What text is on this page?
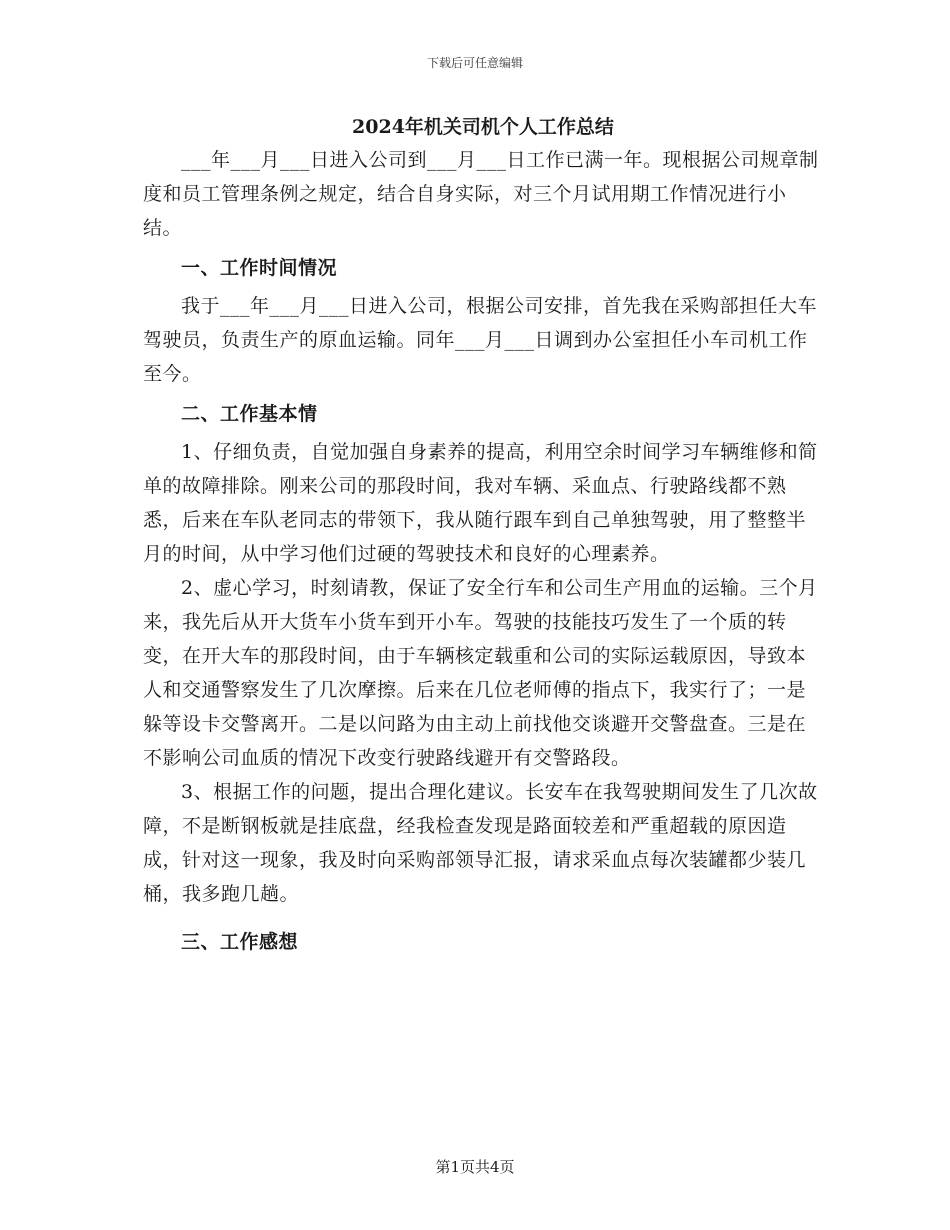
下载后可任意编辑
2024年机关司机个人工作总结

___年___月___日进入公司到___月___日工作已满一年。现根据公司规章制度和员工管理条例之规定，结合自身实际，对三个月试用期工作情况进行小结。

一、工作时间情况

我于___年___月___日进入公司，根据公司安排，首先我在采购部担任大车驾驶员，负责生产的原血运输。同年___月___日调到办公室担任小车司机工作至今。

二、工作基本情

1、仔细负责，自觉加强自身素养的提高，利用空余时间学习车辆维修和简单的故障排除。刚来公司的那段时间，我对车辆、采血点、行驶路线都不熟悉，后来在车队老同志的带领下，我从随行跟车到自己单独驾驶，用了整整半月的时间，从中学习他们过硬的驾驶技术和良好的心理素养。

2、虚心学习，时刻请教，保证了安全行车和公司生产用血的运输。三个月来，我先后从开大货车小货车到开小车。驾驶的技能技巧发生了一个质的转变，在开大车的那段时间，由于车辆核定载重和公司的实际运载原因，导致本人和交通警察发生了几次摩擦。后来在几位老师傅的指点下，我实行了；一是躲等设卡交警离开。二是以问路为由主动上前找他交谈避开交警盘查。三是在不影响公司血质的情况下改变行驶路线避开有交警路段。

3、根据工作的问题，提出合理化建议。长安车在我驾驶期间发生了几次故障，不是断钢板就是挂底盘，经我检查发现是路面较差和严重超载的原因造成，针对这一现象，我及时向采购部领导汇报，请求采血点每次装罐都少装几桶，我多跑几趟。

三、工作感想
第1页共4页
